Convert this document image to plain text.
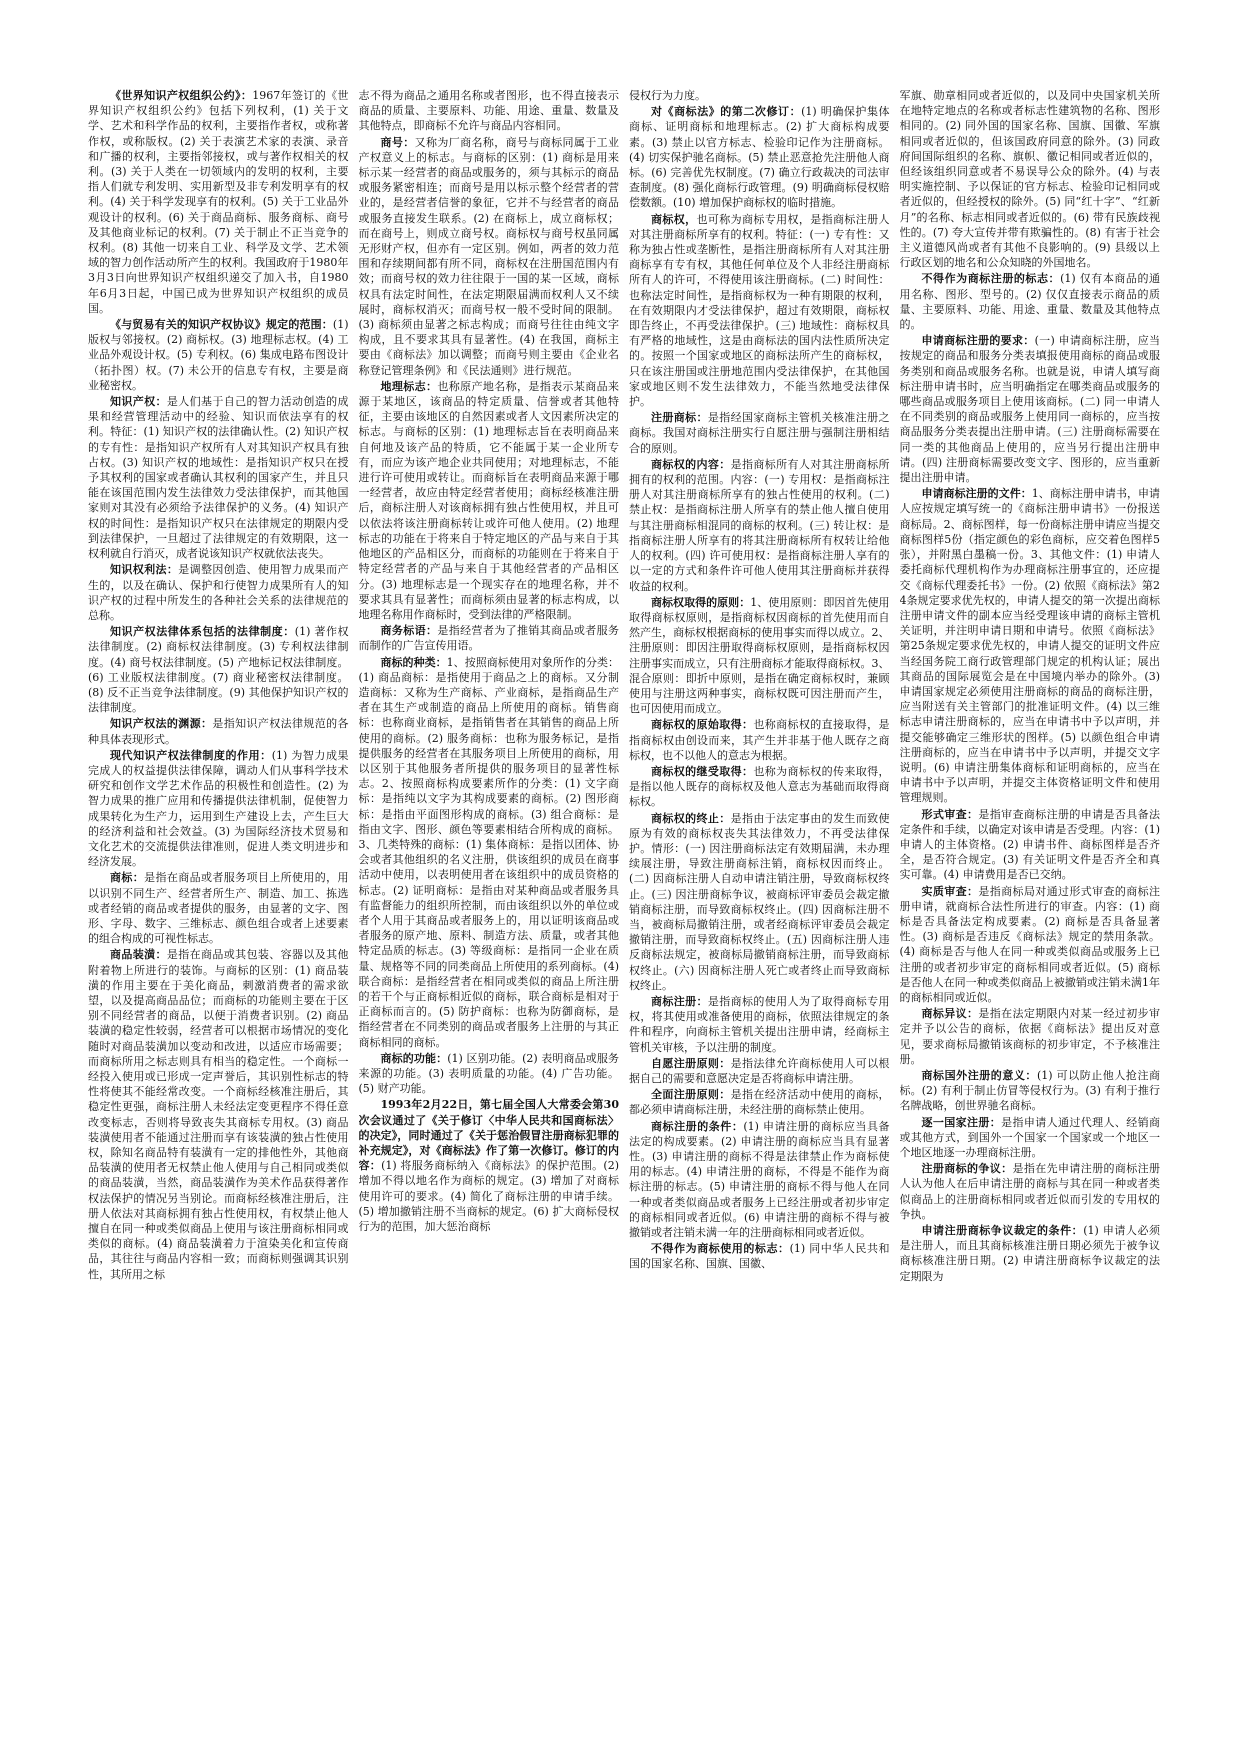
《世界知识产权组织公约》：1967年签订的《世界知识产权组织公约》包括下列权利，(1) 关于文学、艺术和科学作品的权利，主要指作者权，或称著作权，或称版权。(2) 关于表演艺术家的表演、录音和广播的权利，主要指邻接权，或与著作权相关的权利。(3) 关于人类在一切领域内的发明的权利，主要指人们就专利发明、实用新型及非专利发明享有的权利。(4) 关于科学发现享有的权利。(5) 关于工业品外观设计的权利。(6) 关于商品商标、服务商标、商号及其他商业标记的权利。(7) 关于制止不正当竞争的权利。(8) 其他一切来自工业、科学及文学、艺术领域的智力创作活动所产生的权利。我国政府于1980年3月3日向世界知识产权组织递交了加入书，自1980年6月3日起，中国已成为世界知识产权组织的成员国。

《与贸易有关的知识产权协议》规定的范围：(1) 版权与邻接权。(2) 商标权。(3) 地理标志权。(4) 工业品外观设计权。(5) 专利权。(6) 集成电路布图设计（拓扑图）权。(7) 未公开的信息专有权，主要是商业秘密权。

知识产权：是人们基于自己的智力活动创造的成果和经营管理活动中的经验、知识而依法享有的权利。特征：(1) 知识产权的法律确认性。(2) 知识产权的专有性：是指知识产权所有人对其知识产权具有独占权。(3) 知识产权的地域性：是指知识产权只在授予其权利的国家或者确认其权利的国家产生，并且只能在该国范围内发生法律效力受法律保护，而其他国家则对其没有必须给予法律保护的义务。(4) 知识产权的时间性：是指知识产权只在法律规定的期限内受到法律保护，一旦超过了法律规定的有效期限，这一权利就自行消灭，成者说该知识产权就依法丧失。

知识权利法：是调整因创造、使用智力成果而产生的，以及在确认、保护和行使智力成果所有人的知识产权的过程中所发生的各种社会关系的法律规范的总称。

知识产权法律体系包括的法律制度：(1) 著作权法律制度。(2) 商标权法律制度。(3) 专利权法律制度。(4) 商号权法律制度。(5) 产地标记权法律制度。(6) 工业版权法律制度。(7) 商业秘密权法律制度。(8) 反不正当竞争法律制度。(9) 其他保护知识产权的法律制度。

知识产权法的渊源：是指知识产权法律规范的各种具体表现形式。

现代知识产权法律制度的作用：(1) 为智力成果完成人的权益提供法律保障，调动人们从事科学技术研究和创作文学艺术作品的积极性和创造性。(2) 为智力成果的推广应用和传播提供法律机制，促使智力成果转化为生产力，运用到生产建设上去，产生巨大的经济利益和社会效益。(3) 为国际经济技术贸易和文化艺术的交流提供法律准则，促进人类文明进步和经济发展。

商标：是指在商品或者服务项目上所使用的，用以识别不同生产、经营者所生产、制造、加工、拣选或者经销的商品或者提供的服务，由显著的文字、图形、字母、数字、三维标志、颜色组合或者上述要素的组合构成的可视性标志。

商品装潢：是指在商品或其包装、容器以及其他附着物上所进行的装饰。与商标的区别：(1) 商品装潢的作用主要在于美化商品，刺激消费者的需求欲望，以及提高商品品位；而商标的功能则主要在于区别不同经营者的商品，以便于消费者识别。(2) 商品装潢的稳定性较弱，经营者可以根据市场情况的变化随时对商品装潢加以变动和改进，以适应市场需要；而商标所用之标志则具有相当的稳定性。一个商标一经投入使用或已形成一定声誉后，其识别性标志的特性将使其不能经常改变。一个商标经核准注册后，其稳定性更强，商标注册人未经法定变更程序不得任意改变标志，否则将导致丧失其商标专用权。(3) 商品装潢使用者不能通过注册而享有该装潢的独占性使用权，除知名商品特有装潢有一定的排他性外，其他商品装潢的使用者无权禁止他人使用与自己相同或类似的商品装潢，当然，商品装潢作为美术作品获得著作权法保护的情况另当别论。而商标经核准注册后，注册人依法对其商标拥有独占性使用权，有权禁止他人擅自在同一种或类似商品上使用与该注册商标相同或类似的商标。(4) 商品装潢着力于渲染美化和宣传商品，其往往与商品内容相一致；而商标则强调其识别性，其所用之标

志不得为商品之通用名称或者图形，也不得直接表示商品的质量、主要原料、功能、用途、重量、数量及其他特点，即商标不允许与商品内容相同。

商号：又称为厂商名称，商号与商标同属于工业产权意义上的标志。与商标的区别：(1) 商标是用来标示某一经营者的商品或服务的，须与其标示的商品或服务紧密相连；而商号是用以标示整个经营者的营业的，是经营者信誉的象征，它并不与经营者的商品或服务直接发生联系。(2) 在商标上，成立商标权；而在商号上，则成立商号权。商标权与商号权虽同属无形财产权，但亦有一定区别。例如，两者的效力范围和存续期间都有所不同，商标权在注册国范围内有效；而商号权的效力往往限于一国的某一区域，商标权具有法定时间性，在法定期限届满而权利人又不续展时，商标权消灭；而商号权一般不受时间的限制。(3) 商标须由显著之标志构成；而商号往往由纯文字构成，且不要求其具有显著性。(4) 在我国，商标主要由《商标法》加以调整；而商号则主要由《企业名称登记管理条例》和《民法通则》进行规范。

地理标志：也称原产地名称，是指表示某商品来源于某地区，该商品的特定质量、信誉或者其他特征，主要由该地区的自然因素或者人文因素所决定的标志。与商标的区别：(1) 地理标志旨在表明商品来自何地及该产品的特质，它不能属于某一企业所专有，而应为该产地企业共同使用；对地理标志，不能进行许可使用或转让。而商标旨在表明商品来源于哪一经营者，故应由特定经营者使用；商标经核准注册后，商标注册人对该商标拥有独占性使用权，并且可以依法将该注册商标转让或许可他人使用。(2) 地理标志的功能在于将来自于特定地区的产品与来自于其他地区的产品相区分，而商标的功能则在于将来自于特定经营者的产品与来自于其他经营者的产品相区分。(3) 地理标志是一个现实存在的地理名称，并不要求其具有显著性；而商标须由显著的标志构成，以地理名称用作商标时，受到法律的严格限制。

商务标语：是指经营者为了推销其商品或者服务而制作的广告宣传用语。

商标的种类：1、按照商标使用对象所作的分类：(1) 商品商标：是指使用于商品之上的商标。又分制造商标：又称为生产商标、产业商标，是指商品生产者在其生产或制造的商品上所使用的商标。销售商标：也称商业商标，是指销售者在其销售的商品上所使用的商标。(2) 服务商标：也称为服务标记，是指提供服务的经营者在其服务项目上所使用的商标，用以区别于其他服务者所提供的服务项目的显著性标志。2、按照商标构成要素所作的分类：(1) 文字商标：是指纯以文字为其构成要素的商标。(2) 图形商标：是指由平面图形构成的商标。(3) 组合商标：是指由文字、图形、颜色等要素相结合所构成的商标。3、几类特殊的商标：(1) 集体商标：是指以团体、协会或者其他组织的名义注册，供该组织的成员在商事活动中使用，以表明使用者在该组织中的成员资格的标志。(2) 证明商标：是指由对某种商品或者服务具有监督能力的组织所控制，而由该组织以外的单位或者个人用于其商品或者服务上的，用以证明该商品或者服务的原产地、原料、制造方法、质量，或者其他特定品质的标志。(3) 等级商标：是指同一企业在质量、规格等不同的同类商品上所使用的系列商标。(4) 联合商标：是指经营者在相同或类似的商品上所注册的若干个与正商标相近似的商标，联合商标是相对于正商标而言的。(5) 防护商标：也称为防御商标，是指经营者在不同类别的商品或者服务上注册的与其正商标相同的商标。

商标的功能：(1) 区别功能。(2) 表明商品或服务来源的功能。(3) 表明质量的功能。(4) 广告功能。(5) 财产功能。

1993年2月22日，第七届全国人大常委会第30次会议通过了《关于修订〈中华人民共和国商标法〉的决定》，同时通过了《关于惩治假冒注册商标犯罪的补充规定》，对《商标法》作了第一次修订。修订的内容：(1) 将服务商标纳入《商标法》的保护范围。(2) 增加不得以地名作为商标的规定。(3) 增加了对商标使用许可的要求。(4) 简化了商标注册的申请手续。(5) 增加撤销注册不当商标的规定。(6) 扩大商标侵权行为的范围，加大惩治商标

侵权行为力度。

对《商标法》的第二次修订：(1) 明确保护集体商标、证明商标和地理标志。(2) 扩大商标构成要素。(3) 禁止以官方标志、检验印记作为注册商标。(4) 切实保护驰名商标。(5) 禁止恶意抢先注册他人商标。(6) 完善优先权制度。(7) 确立行政裁决的司法审查制度。(8) 强化商标行政管理。(9) 明确商标侵权赔偿数额。(10) 增加保护商标权的临时措施。

商标权，也可称为商标专用权，是指商标注册人对其注册商标所享有的权利。特征：(一) 专有性：又称为独占性或垄断性，是指注册商标所有人对其注册商标享有专有权，其他任何单位及个人非经注册商标所有人的许可，不得使用该注册商标。(二) 时间性：也称法定时间性，是指商标权为一种有期限的权利，在有效期限内才受法律保护，超过有效期限，商标权即告终止，不再受法律保护。(三) 地域性：商标权具有严格的地域性，这是由商标法的国内法性质所决定的。按照一个国家或地区的商标法所产生的商标权，只在该注册国或注册地范围内受法律保护，在其他国家或地区则不发生法律效力，不能当然地受法律保护。

注册商标：是指经国家商标主管机关核准注册之商标。我国对商标注册实行自愿注册与强制注册相结合的原则。

商标权的内容：是指商标所有人对其注册商标所拥有的权利的范围。内容：(一) 专用权：是指商标注册人对其注册商标所享有的独占性使用的权利。(二) 禁止权：是指商标注册人所享有的禁止他人擅自使用与其注册商标相混同的商标的权利。(三) 转让权：是指商标注册人所享有的将其注册商标所有权转让给他人的权利。(四) 许可使用权：是指商标注册人享有的以一定的方式和条件许可他人使用其注册商标并获得收益的权利。

商标权取得的原则：1、使用原则：即因首先使用取得商标权原则，是指商标权因商标的首先使用而自然产生，商标权根据商标的使用事实而得以成立。2、注册原则：即因注册取得商标权原则，是指商标权因注册事实而成立，只有注册商标才能取得商标权。3、混合原则：即折中原则，是指在确定商标权时，兼顾使用与注册这两种事实，商标权既可因注册而产生，也可因使用而成立。

商标权的原始取得：也称商标权的直接取得，是指商标权由创设而来，其产生并非基于他人既存之商标权，也不以他人的意志为根据。

商标权的继受取得：也称为商标权的传来取得，是指以他人既存的商标权及他人意志为基础而取得商标权。

商标权的终止：是指由于法定事由的发生而致使原为有效的商标权丧失其法律效力，不再受法律保护。情形：(一) 因注册商标法定有效期届满，未办理续展注册，导致注册商标注销，商标权因而终止。(二) 因商标注册人自动申请注销注册，导致商标权终止。(三) 因注册商标争议，被商标评审委员会裁定撤销商标注册，而导致商标权终止。(四) 因商标注册不当，被商标局撤销注册，或者经商标评审委员会裁定撤销注册，而导致商标权终止。(五) 因商标注册人违反商标法规定，被商标局撤销商标注册，而导致商标权终止。(六) 因商标注册人死亡或者终止而导致商标权终止。

商标注册：是指商标的使用人为了取得商标专用权，将其使用或准备使用的商标，依照法律规定的条件和程序，向商标主管机关提出注册申请，经商标主管机关审核，予以注册的制度。

自愿注册原则：是指法律允许商标使用人可以根据自己的需要和意愿决定是否将商标申请注册。

全面注册原则：是指在经济活动中使用的商标，都必须申请商标注册，未经注册的商标禁止使用。

商标注册的条件：(1) 申请注册的商标应当具备法定的构成要素。(2) 申请注册的商标应当具有显著性。(3) 申请注册的商标不得是法律禁止作为商标使用的标志。(4) 申请注册的商标，不得是不能作为商标注册的标志。(5) 申请注册的商标不得与他人在同一种或者类似商品或者服务上已经注册或者初步审定的商标相同或者近似。(6) 申请注册的商标不得与被撤销或者注销未满一年的注册商标相同或者近似。

不得作为商标使用的标志：(1) 同中华人民共和国的国家名称、国旗、国徽、

军旗、勋章相同或者近似的，以及同中央国家机关所在地特定地点的名称或者标志性建筑物的名称、图形相同的。(2) 同外国的国家名称、国旗、国徽、军旗相同或者近似的，但该国政府同意的除外。(3) 同政府间国际组织的名称、旗帜、徽记相同或者近似的，但经该组织同意或者不易误导公众的除外。(4) 与表明实施控制、予以保证的官方标志、检验印记相同或者近似的，但经授权的除外。(5) 同“红十字”、“红新月”的名称、标志相同或者近似的。(6) 带有民族歧视性的。(7) 夸大宣传并带有欺骗性的。(8) 有害于社会主义道德风尚或者有其他不良影响的。(9) 县级以上行政区划的地名和公众知晓的外国地名。

不得作为商标注册的标志：(1) 仅有本商品的通用名称、图形、型号的。(2) 仅仅直接表示商品的质量、主要原料、功能、用途、重量、数量及其他特点的。

申请商标注册的要求：(一) 申请商标注册，应当按规定的商品和服务分类表填报使用商标的商品或服务类别和商品或服务名称。也就是说，申请人填写商标注册申请书时，应当明确指定在哪类商品或服务的哪些商品或服务项目上使用该商标。(二) 同一申请人在不同类别的商品或服务上使用同一商标的，应当按商品服务分类表提出注册申请。(三) 注册商标需要在同一类的其他商品上使用的，应当另行提出注册申请。(四) 注册商标需要改变文字、图形的，应当重新提出注册申请。

申请商标注册的文件：1、商标注册申请书，申请人应按规定填写统一的《商标注册申请书》一份报送商标局。2、商标图样，每一份商标注册申请应当提交商标图样5份（指定颜色的彩色商标，应交着色图样5张），并附黑白墨稿一份。3、其他文件：(1) 申请人委托商标代理机构作为办理商标注册事宜的，还应提交《商标代理委托书》一份。(2) 依照《商标法》第24条规定要求优先权的，申请人提交的第一次提出商标注册申请文件的副本应当经受理该申请的商标主管机关证明，并注明申请日期和申请号。依照《商标法》第25条规定要求优先权的，申请人提交的证明文件应当经国务院工商行政管理部门规定的机构认证；展出其商品的国际展览会是在中国境内举办的除外。(3) 申请国家规定必须使用注册商标的商品的商标注册，应当附送有关主管部门的批准证明文件。(4) 以三维标志申请注册商标的，应当在申请书中予以声明，并提交能够确定三维形状的图样。(5) 以颜色组合申请注册商标的，应当在申请书中予以声明，并提交文字说明。(6) 申请注册集体商标和证明商标的，应当在申请书中予以声明，并提交主体资格证明文件和使用管理规则。

形式审查：是指审查商标注册的申请是否具备法定条件和手续，以确定对该申请是否受理。内容：(1) 申请人的主体资格。(2) 申请书件、商标图样是否齐全，是否符合规定。(3) 有关证明文件是否齐全和真实可靠。(4) 申请费用是否已交纳。

实质审查：是指商标局对通过形式审查的商标注册申请，就商标合法性所进行的审查。内容：(1) 商标是否具备法定构成要素。(2) 商标是否具备显著性。(3) 商标是否违反《商标法》规定的禁用条款。(4) 商标是否与他人在同一种或类似商品或服务上已注册的或者初步审定的商标相同或者近似。(5) 商标是否他人在同一种或类似商品上被撤销或注销未满1年的商标相同或近似。

商标异议：是指在法定期限内对某一经过初步审定并予以公告的商标，依据《商标法》提出反对意见，要求商标局撤销该商标的初步审定，不予核准注册。

商标国外注册的意义：(1) 可以防止他人抢注商标。(2) 有利于制止仿冒等侵权行为。(3) 有利于推行名牌战略，创世界驰名商标。

逐一国家注册：是指申请人通过代理人、经销商或其他方式，到国外一个国家一个国家或一个地区一个地区地逐一办理商标注册。

注册商标的争议：是指在先申请注册的商标注册人认为他人在后申请注册的商标与其在同一种或者类似商品上的注册商标相同或者近似而引发的专用权的争执。

申请注册商标争议裁定的条件：(1) 申请人必须是注册人，而且其商标核准注册日期必须先于被争议商标核准注册日期。(2) 申请注册商标争议裁定的法定期限为
